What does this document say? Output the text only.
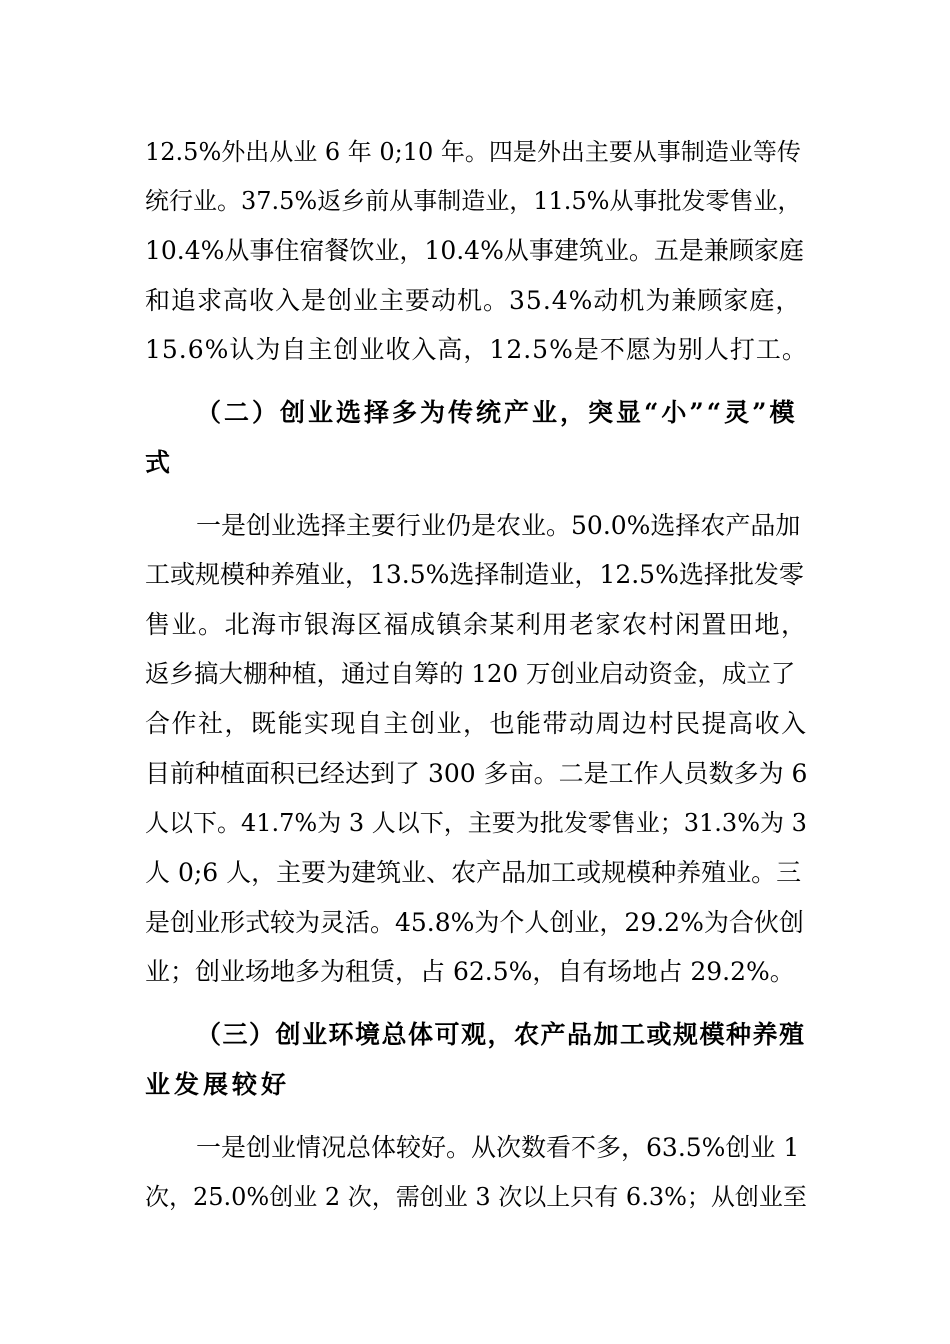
12.5%外出从业 6 年 0;10 年。四是外出主要从事制造业等传
统行业。37.5%返乡前从事制造业，11.5%从事批发零售业，
10.4%从事住宿餐饮业，10.4%从事建筑业。五是兼顾家庭
和追求高收入是创业主要动机。35.4%动机为兼顾家庭，
15.6%认为自主创业收入高，12.5%是不愿为别人打工。
（二）创业选择多为传统产业，突显“小”“灵”模
式
一是创业选择主要行业仍是农业。50.0%选择农产品加
工或规模种养殖业，13.5%选择制造业，12.5%选择批发零
售业。北海市银海区福成镇余某利用老家农村闲置田地，
返乡搞大棚种植，通过自筹的 120 万创业启动资金，成立了
合作社，既能实现自主创业，也能带动周边村民提高收入
目前种植面积已经达到了 300 多亩。二是工作人员数多为 6
人以下。41.7%为 3 人以下，主要为批发零售业；31.3%为 3
人 0;6 人，主要为建筑业、农产品加工或规模种养殖业。三
是创业形式较为灵活。45.8%为个人创业，29.2%为合伙创
业；创业场地多为租赁，占 62.5%，自有场地占 29.2%。
（三）创业环境总体可观，农产品加工或规模种养殖
业发展较好
一是创业情况总体较好。从次数看不多，63.5%创业 1
次，25.0%创业 2 次，需创业 3 次以上只有 6.3%；从创业至
